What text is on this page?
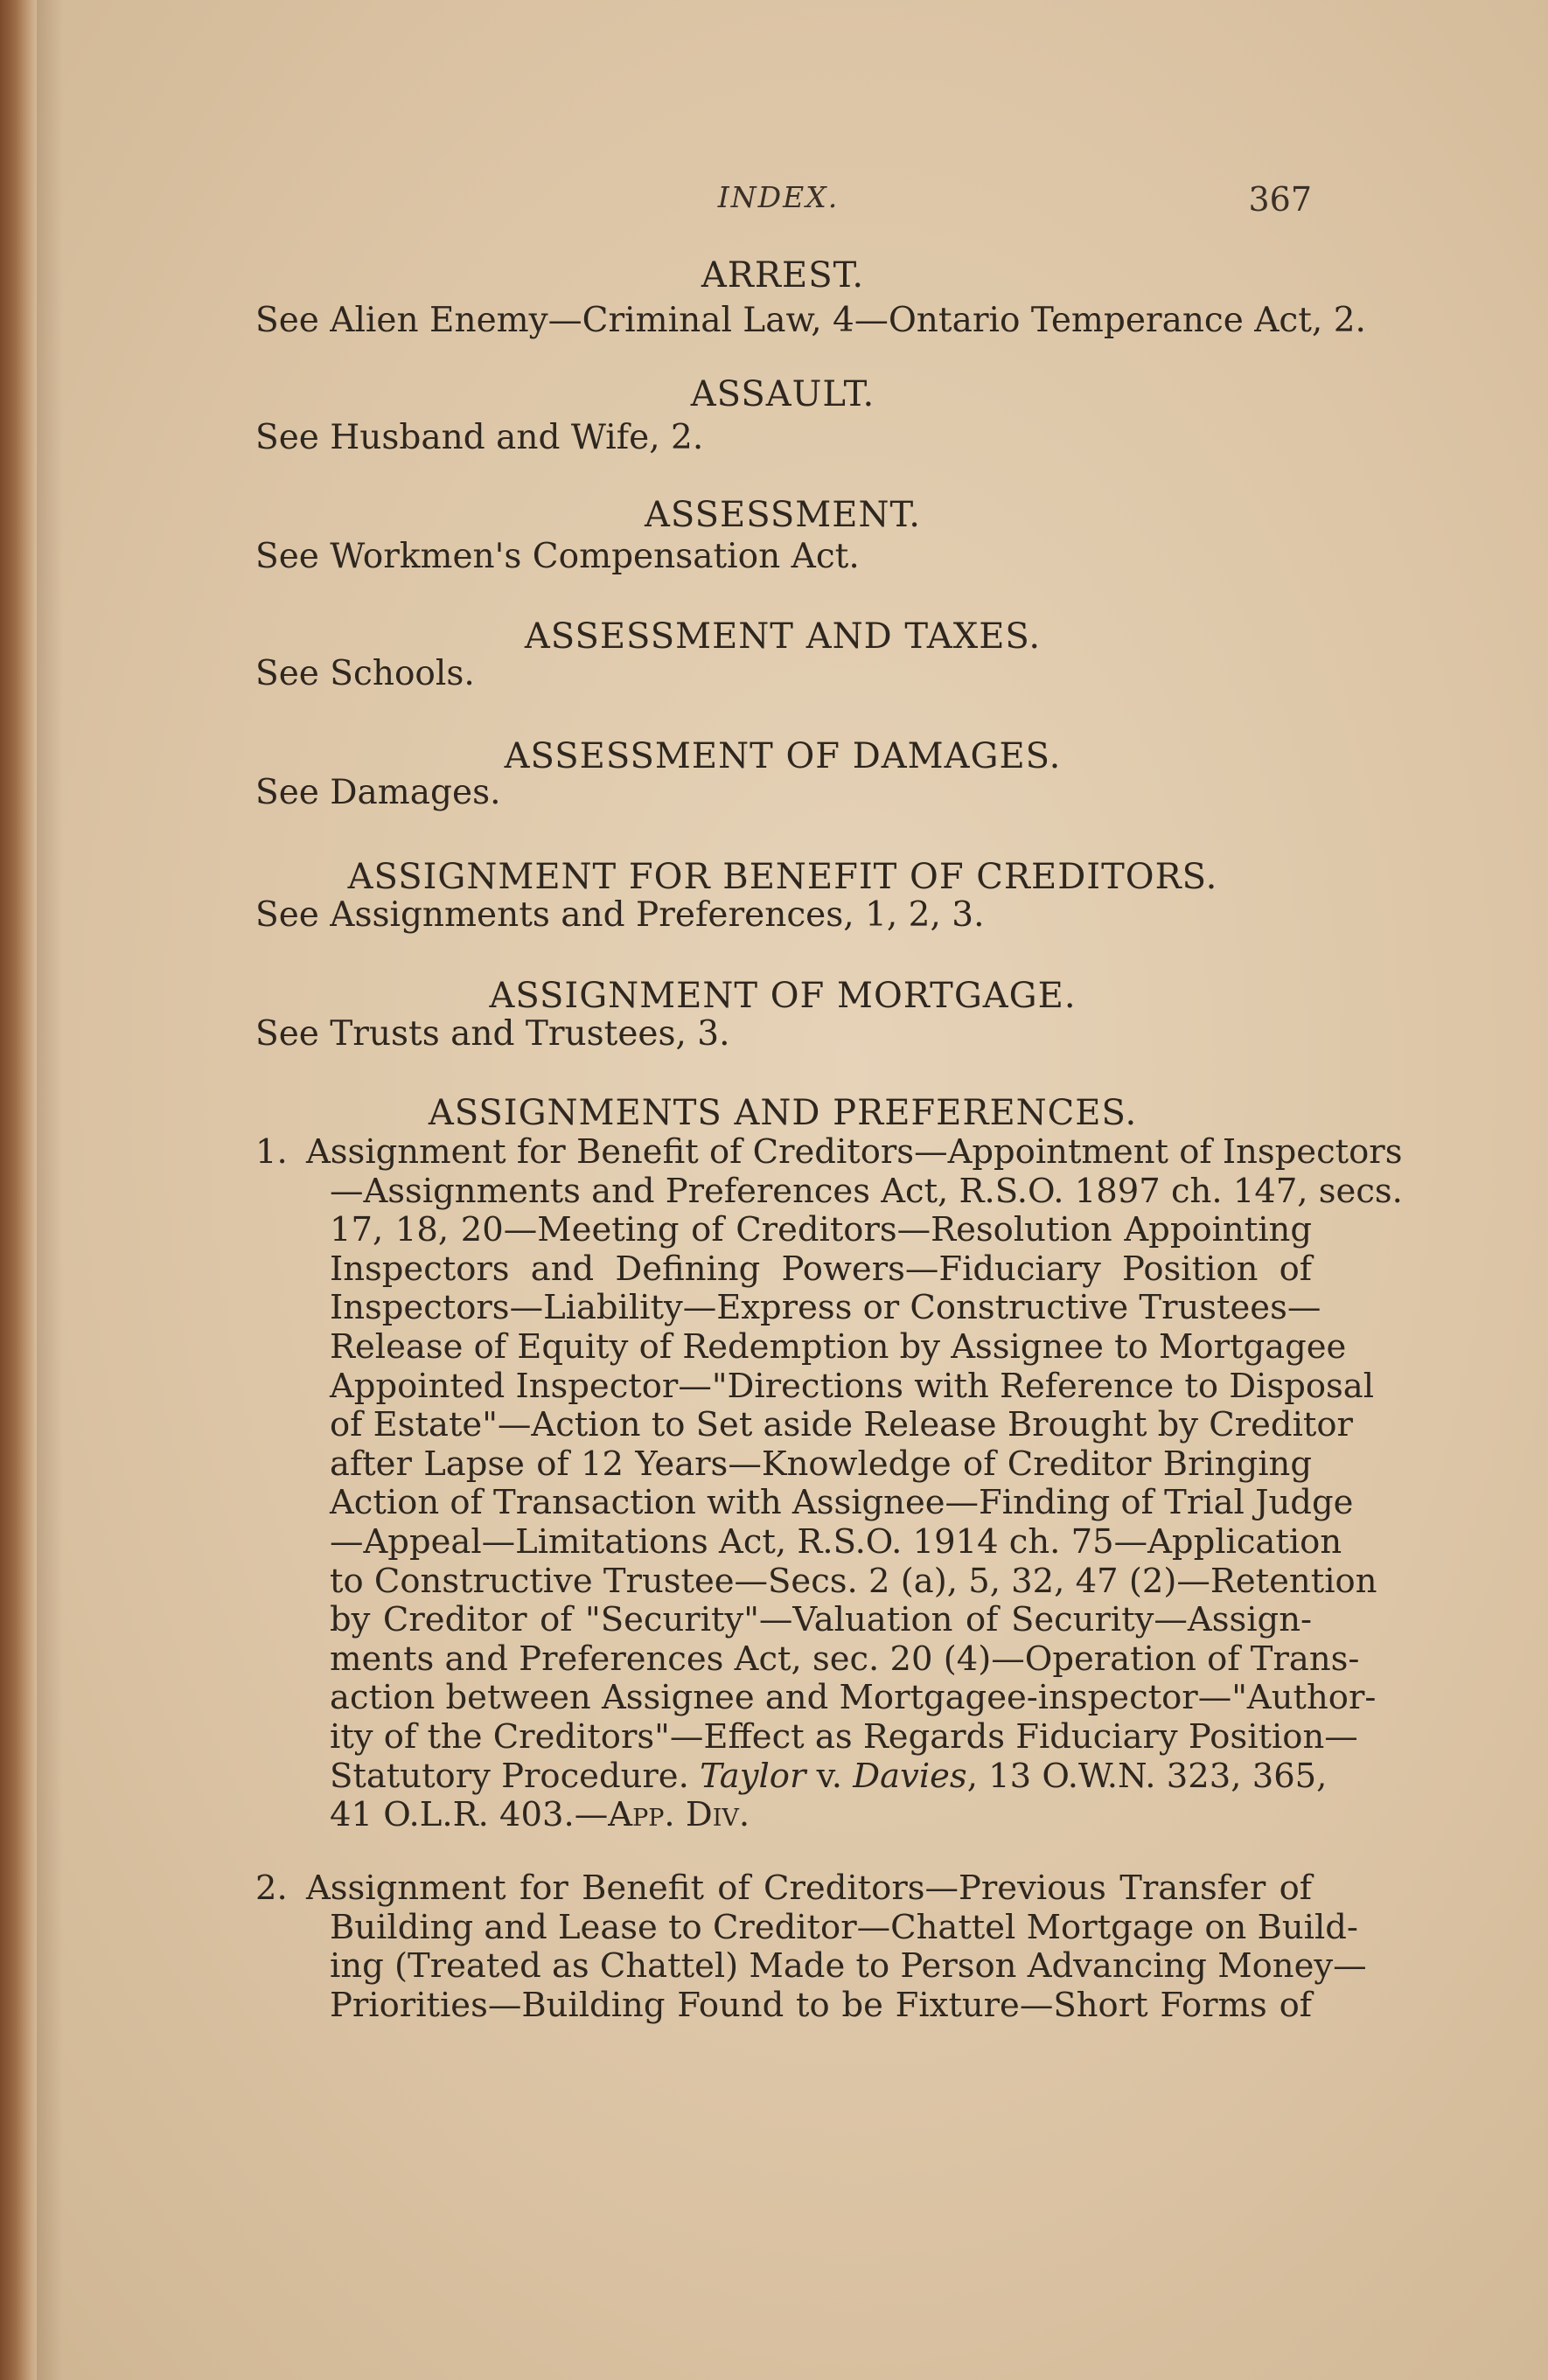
INDEX.	367
ARREST.
See Alien Enemy—Criminal Law, 4—Ontario Temperance Act, 2.
ASSAULT.
See Husband and Wife, 2.
ASSESSMENT.
See Workmen's Compensation Act.
ASSESSMENT AND TAXES.
See Schools.
ASSESSMENT OF DAMAGES.
See Damages.
ASSIGNMENT FOR BENEFIT OF CREDITORS.
See Assignments and Preferences, 1, 2, 3.
ASSIGNMENT OF MORTGAGE.
See Trusts and Trustees, 3.
ASSIGNMENTS AND PREFERENCES.
1. Assignment for Benefit of Creditors—Appointment of Inspectors
—Assignments and Preferences Act, R.S.O. 1897 ch. 147, secs.
17, 18, 20—Meeting of Creditors—Resolution Appointing
Inspectors and Defining Powers—Fiduciary Position of
Inspectors—Liability—Express or Constructive Trustees—
Release of Equity of Redemption by Assignee to Mortgagee
Appointed Inspector—"Directions with Reference to Disposal
of Estate"—Action to Set aside Release Brought by Creditor
after Lapse of 12 Years—Knowledge of Creditor Bringing
Action of Transaction with Assignee—Finding of Trial Judge
—Appeal—Limitations Act, R.S.O. 1914 ch. 75—Application
to Constructive Trustee—Secs. 2 (a), 5, 32, 47 (2)—Retention
by Creditor of "Security"—Valuation of Security—Assign-
ments and Preferences Act, sec. 20 (4)—Operation of Trans-
action between Assignee and Mortgagee-inspector—"Author-
ity of the Creditors"—Effect as Regards Fiduciary Position—
Statutory Procedure. Taylor v. Davies, 13 O.W.N. 323, 365,
41 O.L.R. 403.—App. Div.
2. Assignment for Benefit of Creditors—Previous Transfer of
Building and Lease to Creditor—Chattel Mortgage on Build-
ing (Treated as Chattel) Made to Person Advancing Money—
Priorities—Building Found to be Fixture—Short Forms of
